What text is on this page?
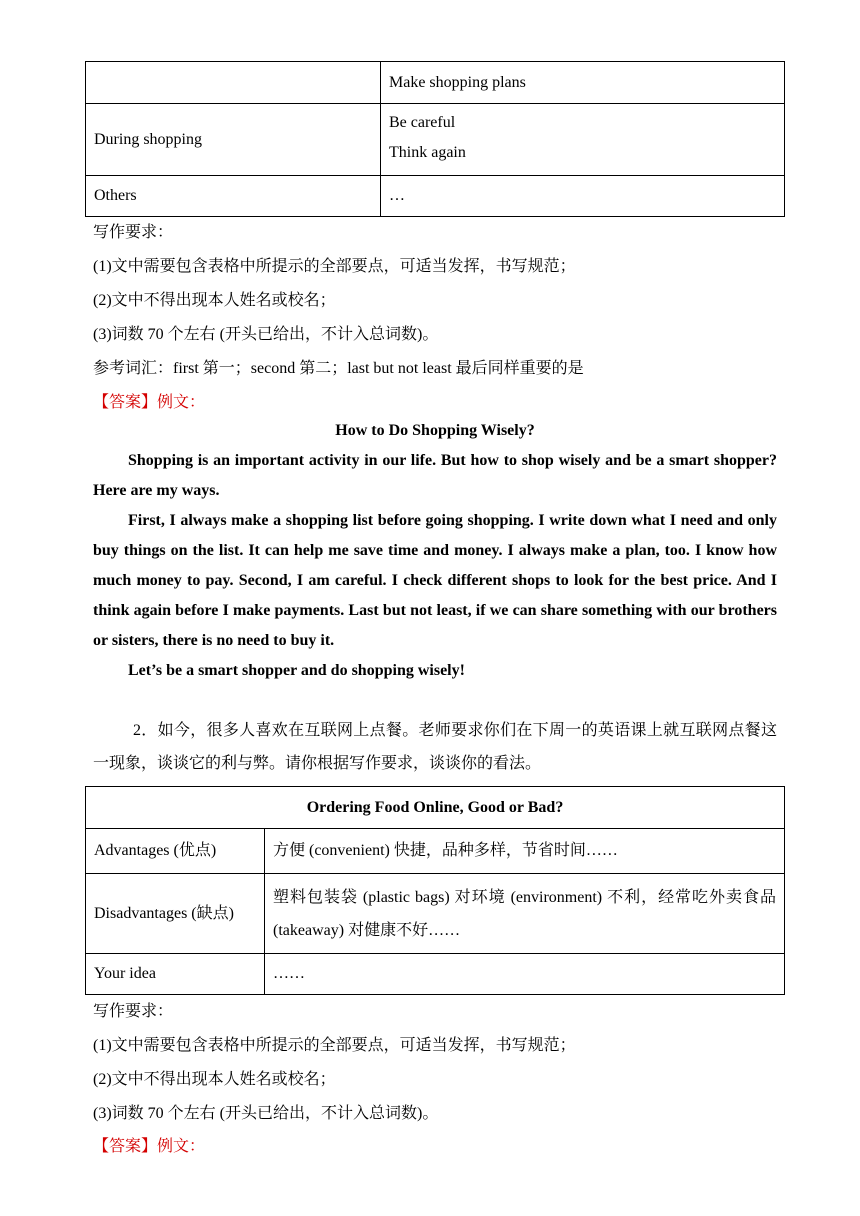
	Make shopping plans
During shopping	Be careful
Think again

Others	…
写作要求：
(1)文中需要包含表格中所提示的全部要点，可适当发挥，书写规范；
(2)文中不得出现本人姓名或校名；
(3)词数 70 个左右 (开头已给出，不计入总词数)。
参考词汇：first 第一；second 第二；last but not least 最后同样重要的是
【答案】例文：
How to Do Shopping Wisely?

Shopping is an important activity in our life. But how to shop wisely and be a smart shopper? Here are my ways.

First, I always make a shopping list before going shopping. I write down what I need and only buy things on the list. It can help me save time and money. I always make a plan, too. I know how much money to pay. Second, I am careful. I check different shops to look for the best price. And I think again before I make payments. Last but not least, if we can share something with our brothers or sisters, there is no need to buy it.

Let’s be a smart shopper and do shopping wisely!

2．如今，很多人喜欢在互联网上点餐。老师要求你们在下周一的英语课上就互联网点餐这一现象，谈谈它的利与弊。请你根据写作要求，谈谈你的看法。
Ordering Food Online, Good or Bad?	
Advantages (优点)	方便 (convenient) 快捷，品种多样，节省时间……
Disadvantages (缺点)	塑料包装袋 (plastic bags) 对环境 (environment) 不利，经常吃外卖食品 (takeaway) 对健康不好……
Your idea	……
写作要求：
(1)文中需要包含表格中所提示的全部要点，可适当发挥，书写规范；
(2)文中不得出现本人姓名或校名；
(3)词数 70 个左右 (开头已给出，不计入总词数)。
【答案】例文：
